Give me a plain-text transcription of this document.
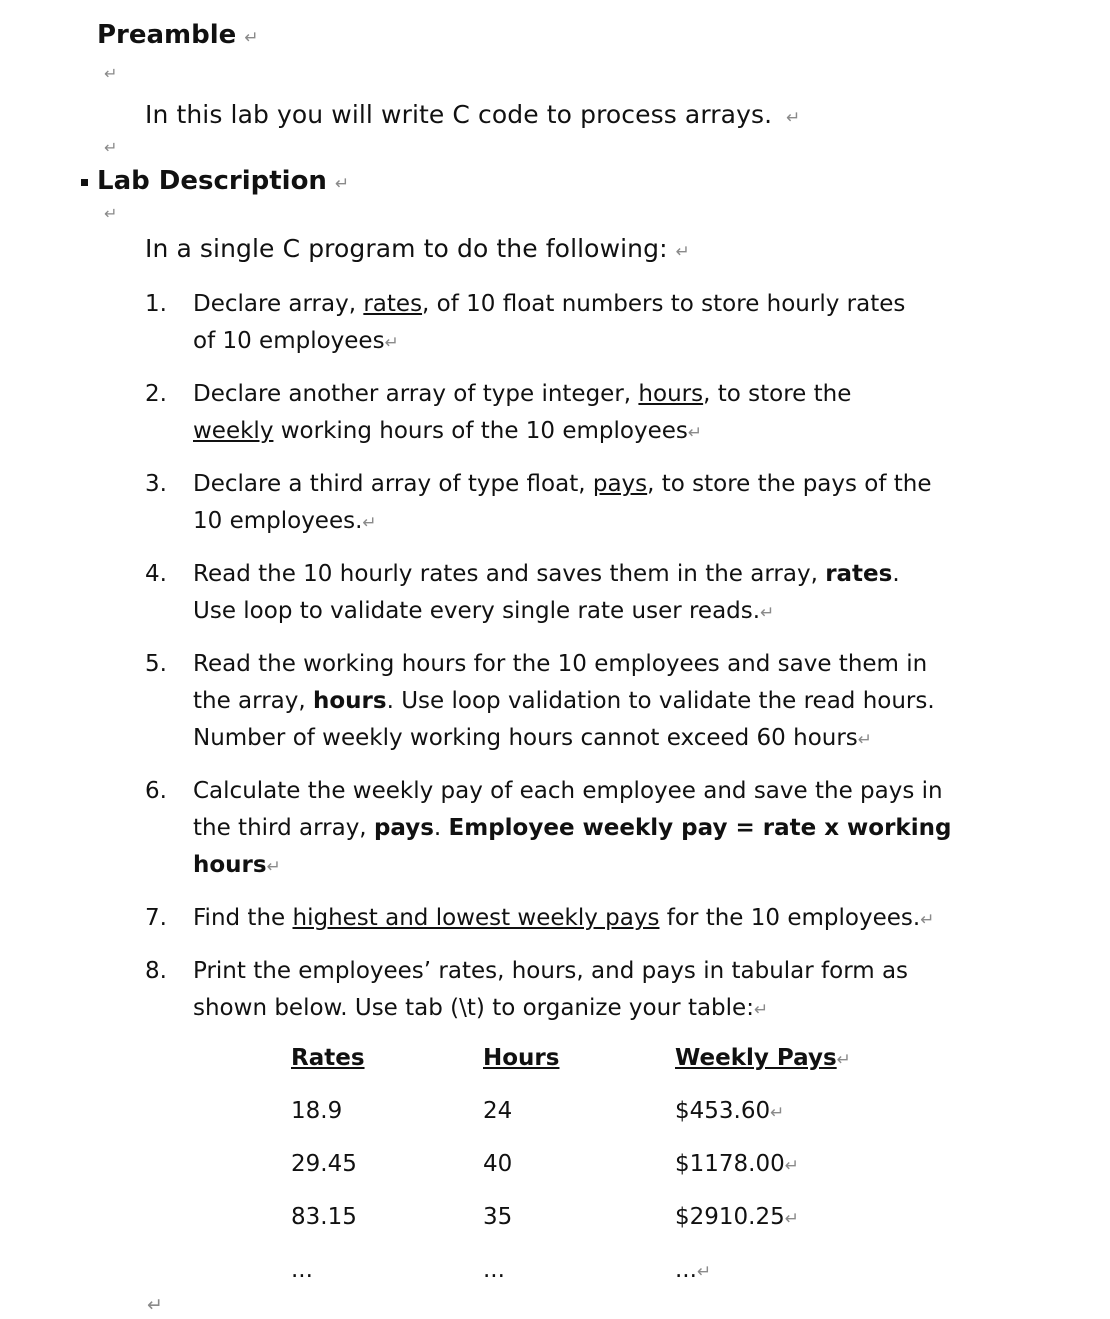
Preamble ↵
↵
In this lab you will write C code to process arrays. ↵
↵
Lab Description ↵
↵
In a single C program to do the following: ↵
1.	Declare array, rates, of 10 float numbers to store hourly rates
of 10 employees↵
2.	Declare another array of type integer, hours, to store the
weekly working hours of the 10 employees↵
3.	Declare a third array of type float, pays, to store the pays of the
10 employees.↵
4.	Read the 10 hourly rates and saves them in the array, rates.
Use loop to validate every single rate user reads.↵
5.	Read the working hours for the 10 employees and save them in
the array, hours. Use loop validation to validate the read hours.
Number of weekly working hours cannot exceed 60 hours↵
6.	Calculate the weekly pay of each employee and save the pays in
the third array, pays. Employee weekly pay = rate x working
hours↵
7.	Find the highest and lowest weekly pays for the 10 employees.↵
8.	Print the employees’ rates, hours, and pays in tabular form as
shown below. Use tab (\t) to organize your table:↵
Rates	Hours	Weekly Pays↵
18.9	24	$453.60↵
29.45	40	$1178.00↵
83.15	35	$2910.25↵
...	...	...↵
↵
